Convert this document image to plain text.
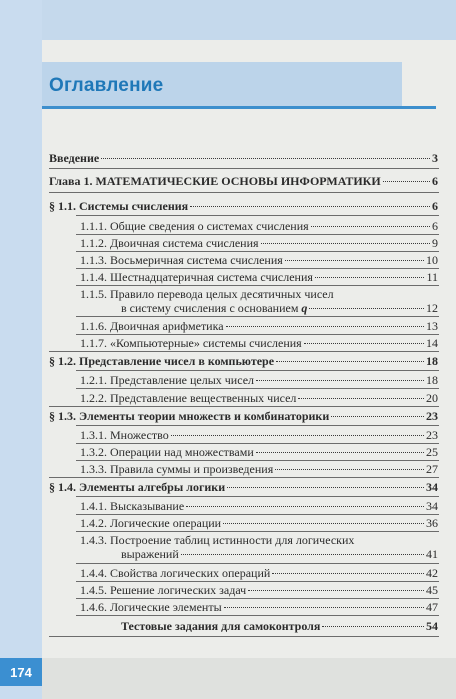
Оглавление
Введение	3
Глава 1. МАТЕМАТИЧЕСКИЕ ОСНОВЫ ИНФОРМАТИКИ	6
§ 1.1. Системы счисления	6
1.1.1. Общие сведения о системах счисления	6
1.1.2. Двоичная система счисления	9
1.1.3. Восьмеричная система счисления	10
1.1.4. Шестнадцатеричная система счисления	11
1.1.5. Правило перевода целых десятичных чисел
в систему счисления с основанием q	12
1.1.6. Двоичная арифметика	13
1.1.7. «Компьютерные» системы счисления	14
§ 1.2. Представление чисел в компьютере	18
1.2.1. Представление целых чисел	18
1.2.2. Представление вещественных чисел	20
§ 1.3. Элементы теории множеств и комбинаторики	23
1.3.1. Множество	23
1.3.2. Операции над множествами	25
1.3.3. Правила суммы и произведения	27
§ 1.4. Элементы алгебры логики	34
1.4.1. Высказывание	34
1.4.2. Логические операции	36
1.4.3. Построение таблиц истинности для логических
выражений	41
1.4.4. Свойства логических операций	42
1.4.5. Решение логических задач	45
1.4.6. Логические элементы	47
Тестовые задания для самоконтроля	54
174
